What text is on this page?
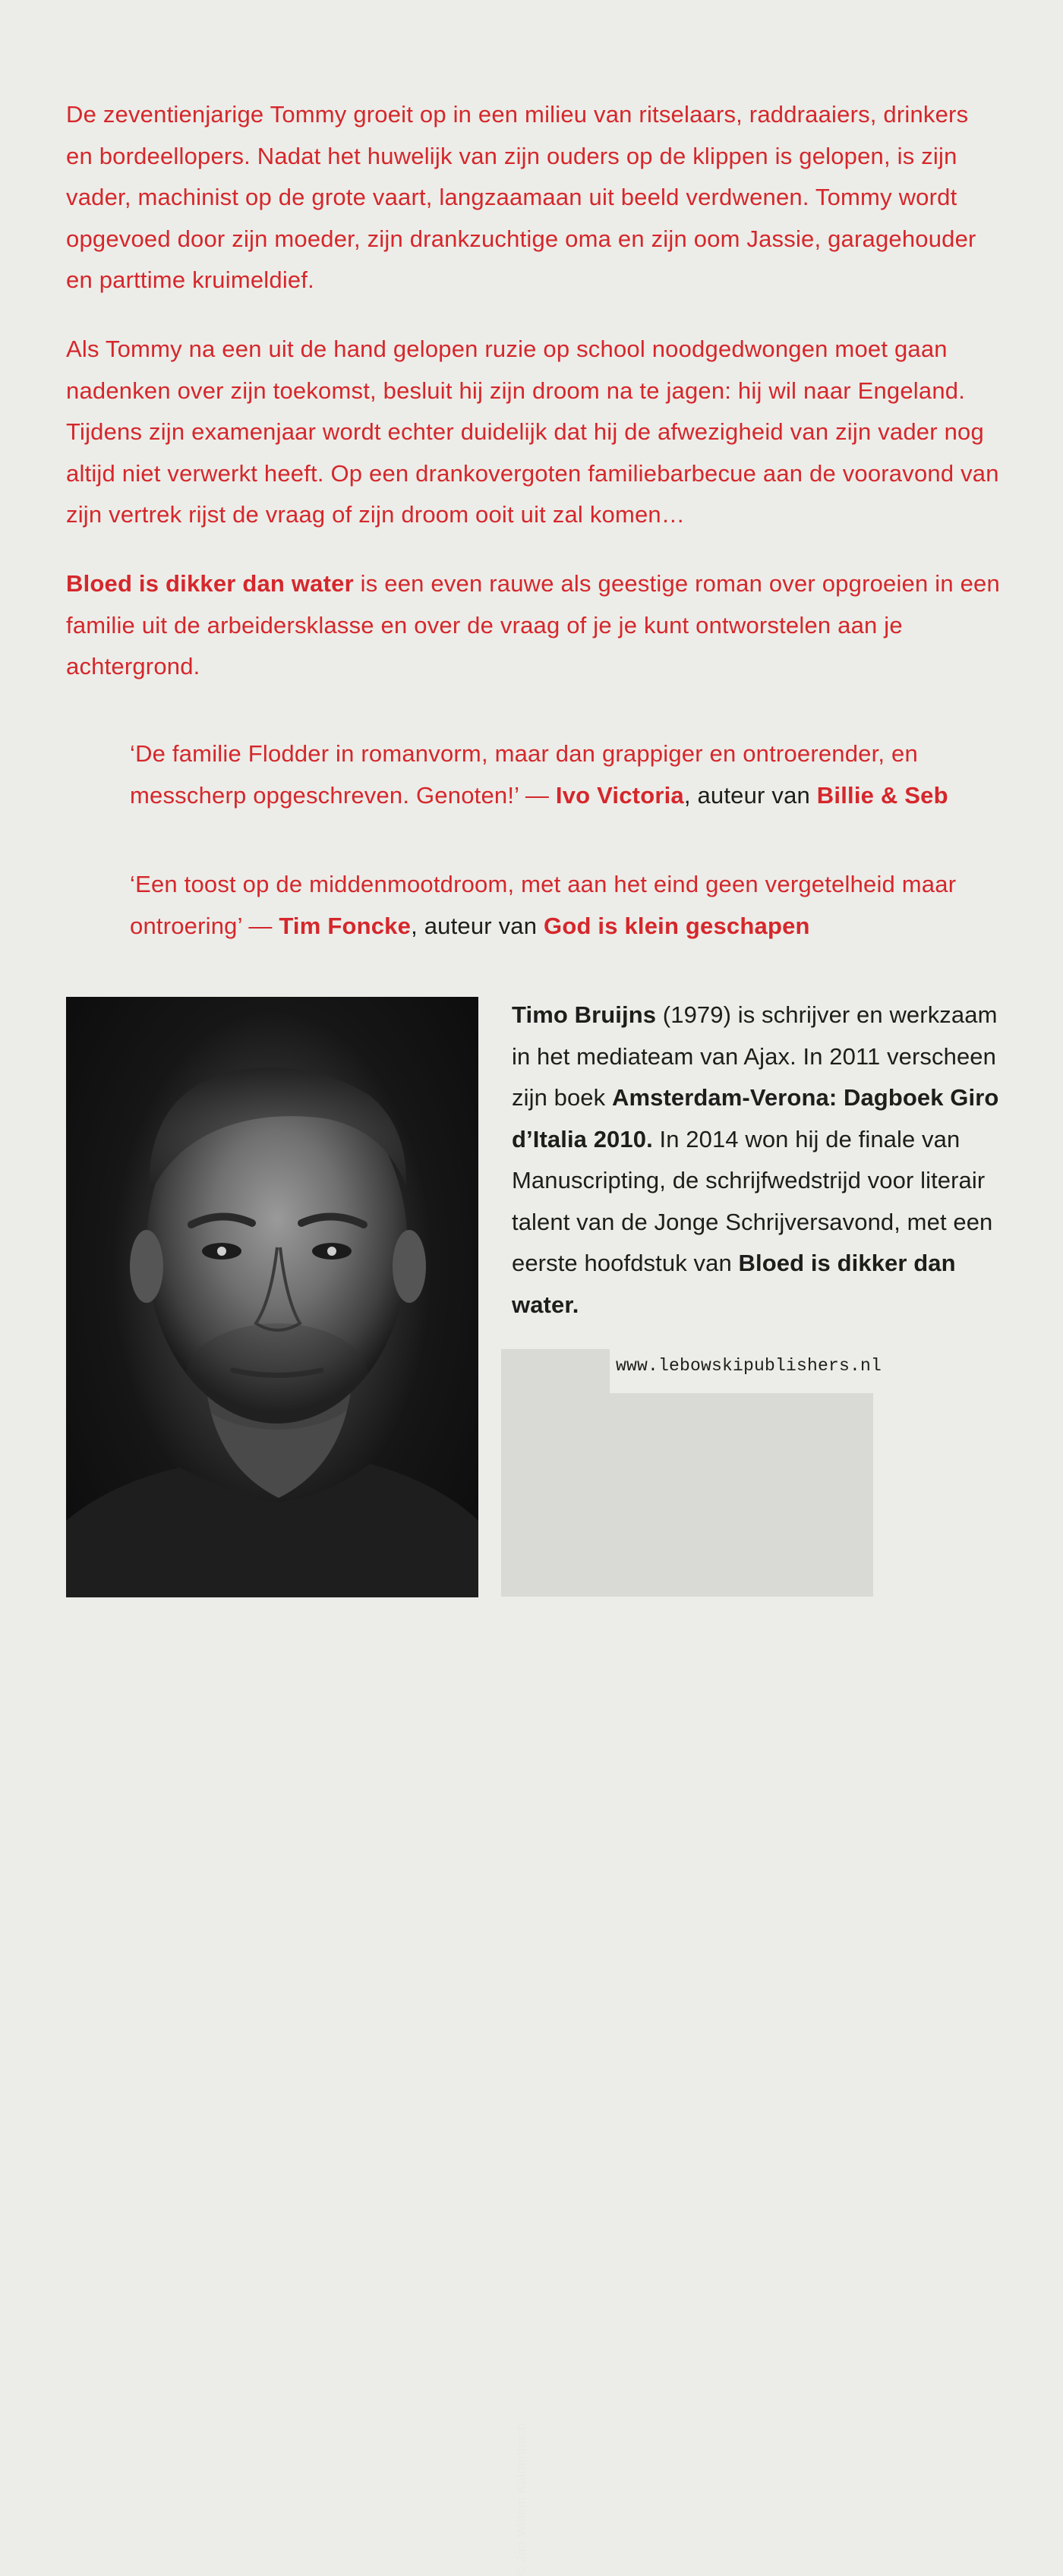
De zeventienjarige Tommy groeit op in een milieu van ritselaars, raddraaiers, drinkers en bordeellopers. Nadat het huwelijk van zijn ouders op de klippen is gelopen, is zijn vader, machinist op de grote vaart, langzaamaan uit beeld verdwenen. Tommy wordt opgevoed door zijn moeder, zijn drankzuchtige oma en zijn oom Jassie, garagehouder en parttime kruimeldief.

Als Tommy na een uit de hand gelopen ruzie op school noodgedwongen moet gaan nadenken over zijn toekomst, besluit hij zijn droom na te jagen: hij wil naar Engeland. Tijdens zijn examenjaar wordt echter duidelijk dat hij de afwezigheid van zijn vader nog altijd niet verwerkt heeft. Op een drankovergoten familiebarbecue aan de vooravond van zijn vertrek rijst de vraag of zijn droom ooit uit zal komen…

Bloed is dikker dan water is een even rauwe als geestige roman over opgroeien in een familie uit de arbeidersklasse en over de vraag of je je kunt ontworstelen aan je achtergrond.

‘De familie Flodder in romanvorm, maar dan grappiger en ontroerender, en messcherp opgeschreven. Genoten!’ — Ivo Victoria, auteur van Billie & Seb

‘Een toost op de middenmootdroom, met aan het eind geen vergetelheid maar ontroering’ — Tim Foncke, auteur van God is klein geschapen

© Jan Willem Kaldenbach

Timo Bruijns (1979) is schrijver en werkzaam in het mediateam van Ajax. In 2011 verscheen zijn boek Amsterdam-Verona: Dagboek Giro d’Italia 2010. In 2014 won hij de finale van Manuscripting, de schrijfwedstrijd voor literair talent van de Jonge Schrijversavond, met een eerste hoofdstuk van Bloed is dikker dan water.

www.lebowskipublishers.nl
